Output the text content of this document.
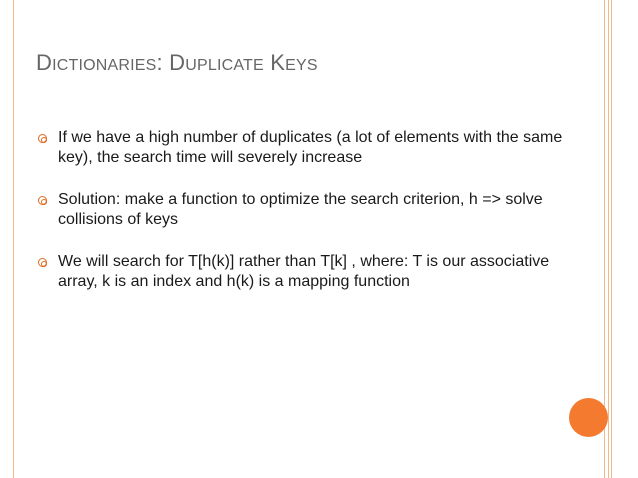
DICTIONARIES: DUPLICATE KEYS
If we have a high number of duplicates (a lot of elements with the same key), the search time will severely increase
Solution: make a function to optimize the search criterion, h => solve collisions of keys
We will search for T[h(k)] rather than T[k] , where: T is our associative array, k is an index and h(k) is a mapping function
